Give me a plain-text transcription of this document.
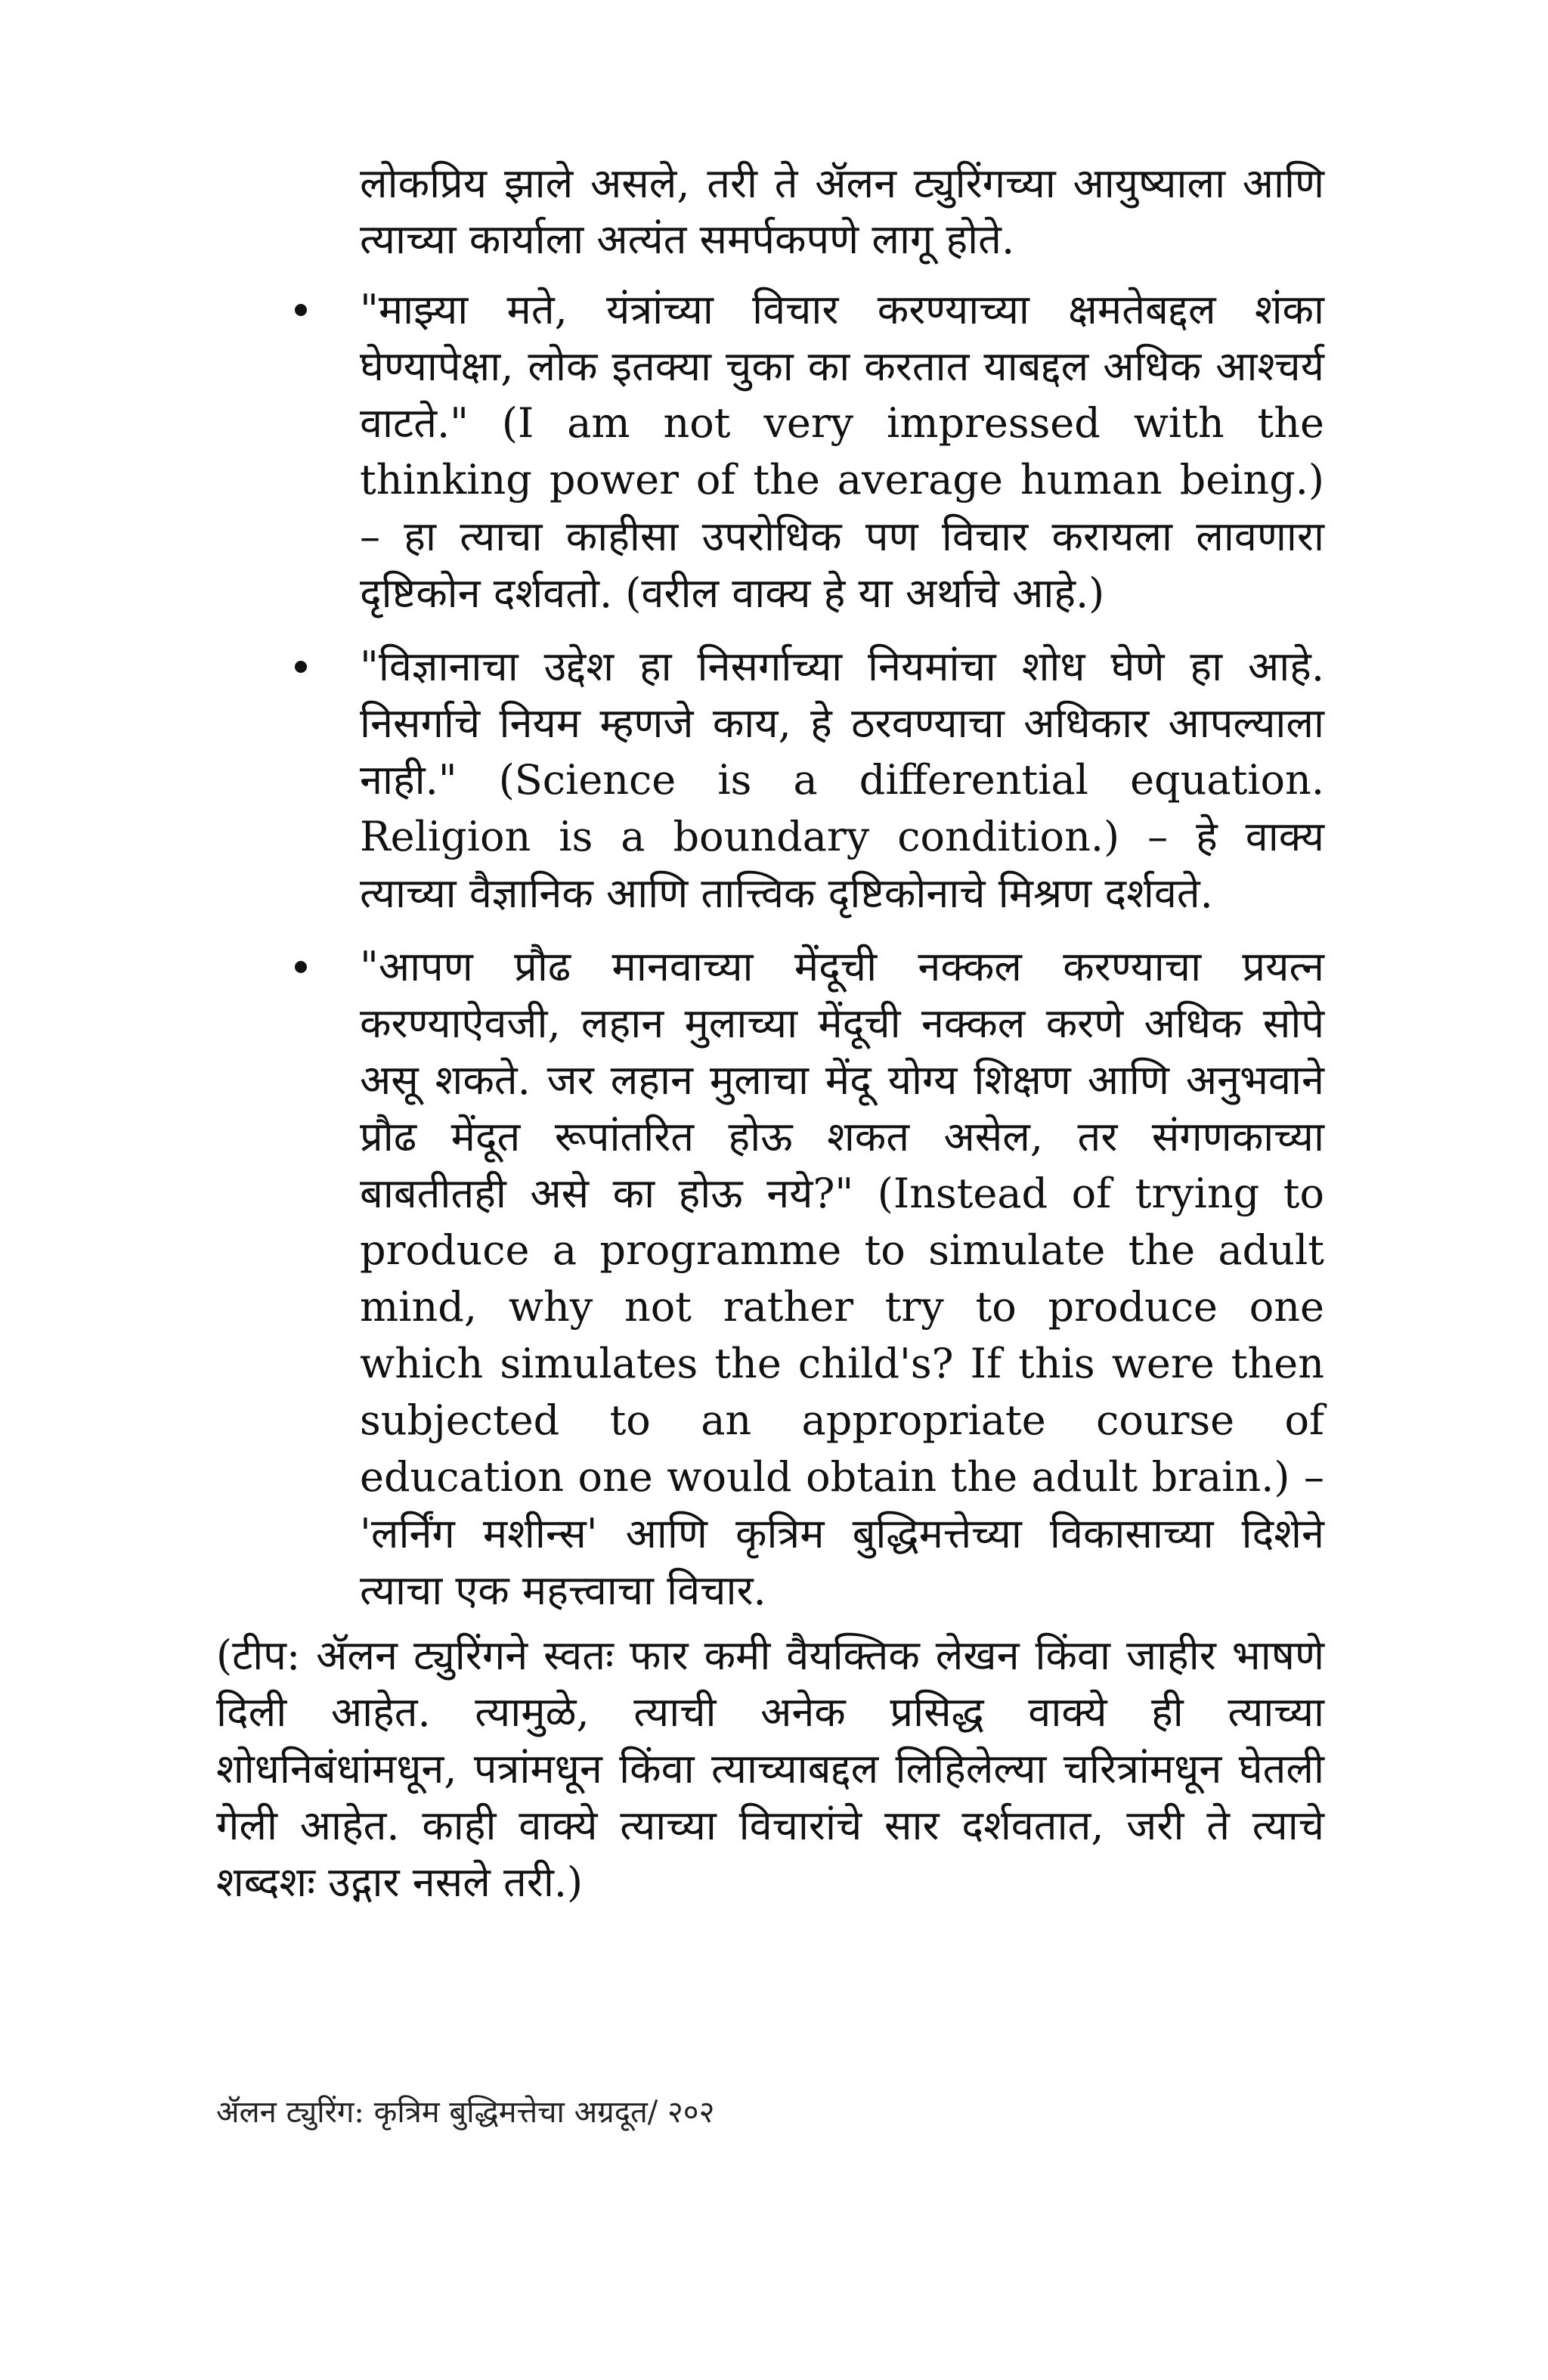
लोकप्रिय झाले असले, तरी ते ॲलन ट्युरिंगच्या आयुष्याला आणि त्याच्या कार्याला अत्यंत समर्पकपणे लागू होते.

"माझ्या मते, यंत्रांच्या विचार करण्याच्या क्षमतेबद्दल शंका घेण्यापेक्षा, लोक इतक्या चुका का करतात याबद्दल अधिक आश्चर्य वाटते." (I am not very impressed with the thinking power of the average human being.) – हा त्याचा काहीसा उपरोधिक पण विचार करायला लावणारा दृष्टिकोन दर्शवतो. (वरील वाक्य हे या अर्थाचे आहे.)
"विज्ञानाचा उद्देश हा निसर्गाच्या नियमांचा शोध घेणे हा आहे. निसर्गाचे नियम म्हणजे काय, हे ठरवण्याचा अधिकार आपल्याला नाही." (Science is a differential equation. Religion is a boundary condition.) – हे वाक्य त्याच्या वैज्ञानिक आणि तात्त्विक दृष्टिकोनाचे मिश्रण दर्शवते.
"आपण प्रौढ मानवाच्या मेंदूची नक्कल करण्याचा प्रयत्न करण्याऐवजी, लहान मुलाच्या मेंदूची नक्कल करणे अधिक सोपे असू शकते. जर लहान मुलाचा मेंदू योग्य शिक्षण आणि अनुभवाने प्रौढ मेंदूत रूपांतरित होऊ शकत असेल, तर संगणकाच्या बाबतीतही असे का होऊ नये?" (Instead of trying to produce a programme to simulate the adult mind, why not rather try to produce one which simulates the child's? If this were then subjected to an appropriate course of education one would obtain the adult brain.) – 'लर्निंग मशीन्स' आणि कृत्रिम बुद्धिमत्तेच्या विकासाच्या दिशेने त्याचा एक महत्त्वाचा विचार.

(टीप: ॲलन ट्युरिंगने स्वतः फार कमी वैयक्तिक लेखन किंवा जाहीर भाषणे दिली आहेत. त्यामुळे, त्याची अनेक प्रसिद्ध वाक्ये ही त्याच्या शोधनिबंधांमधून, पत्रांमधून किंवा त्याच्याबद्दल लिहिलेल्या चरित्रांमधून घेतली गेली आहेत. काही वाक्ये त्याच्या विचारांचे सार दर्शवतात, जरी ते त्याचे शब्दशः उद्गार नसले तरी.)

ॲलन ट्युरिंग: कृत्रिम बुद्धिमत्तेचा अग्रदूत/ २०२
